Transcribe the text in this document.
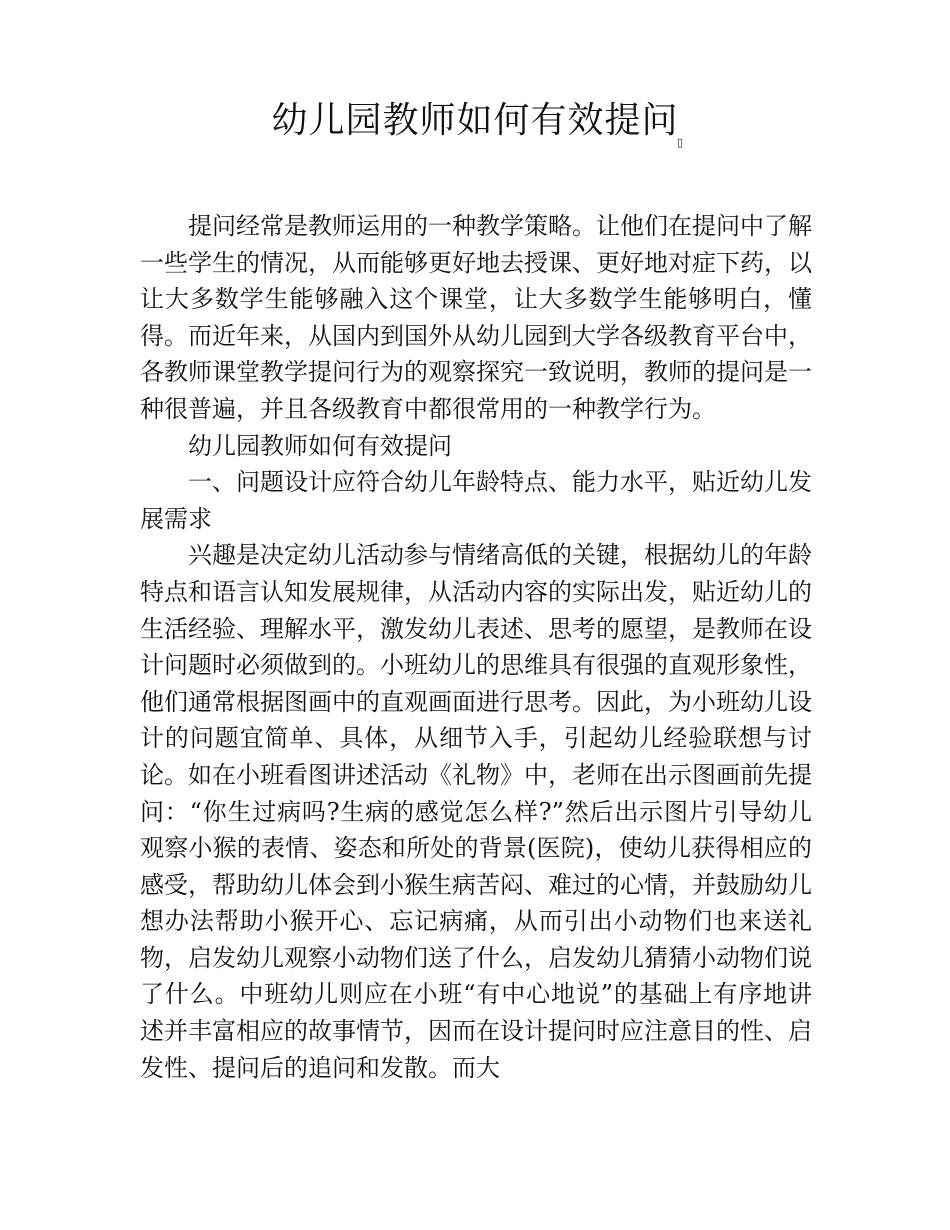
幼儿园教师如何有效提问
▯

提问经常是教师运用的一种教学策略。让他们在提问中了解一些学生的情况，从而能够更好地去授课、更好地对症下药，以让大多数学生能够融入这个课堂，让大多数学生能够明白，懂得。而近年来，从国内到国外从幼儿园到大学各级教育平台中，各教师课堂教学提问行为的观察探究一致说明，教师的提问是一种很普遍，并且各级教育中都很常用的一种教学行为。

幼儿园教师如何有效提问

一、问题设计应符合幼儿年龄特点、能力水平，贴近幼儿发展需求

兴趣是决定幼儿活动参与情绪高低的关键，根据幼儿的年龄特点和语言认知发展规律，从活动内容的实际出发，贴近幼儿的生活经验、理解水平，激发幼儿表述、思考的愿望，是教师在设计问题时必须做到的。小班幼儿的思维具有很强的直观形象性，他们通常根据图画中的直观画面进行思考。因此，为小班幼儿设计的问题宜简单、具体，从细节入手，引起幼儿经验联想与讨论。如在小班看图讲述活动《礼物》中，老师在出示图画前先提问：“你生过病吗?生病的感觉怎么样?”然后出示图片引导幼儿观察小猴的表情、姿态和所处的背景(医院)，使幼儿获得相应的感受，帮助幼儿体会到小猴生病苦闷、难过的心情，并鼓励幼儿想办法帮助小猴开心、忘记病痛，从而引出小动物们也来送礼物，启发幼儿观察小动物们送了什么，启发幼儿猜猜小动物们说了什么。中班幼儿则应在小班“有中心地说”的基础上有序地讲述并丰富相应的故事情节，因而在设计提问时应注意目的性、启发性、提问后的追问和发散。而大
